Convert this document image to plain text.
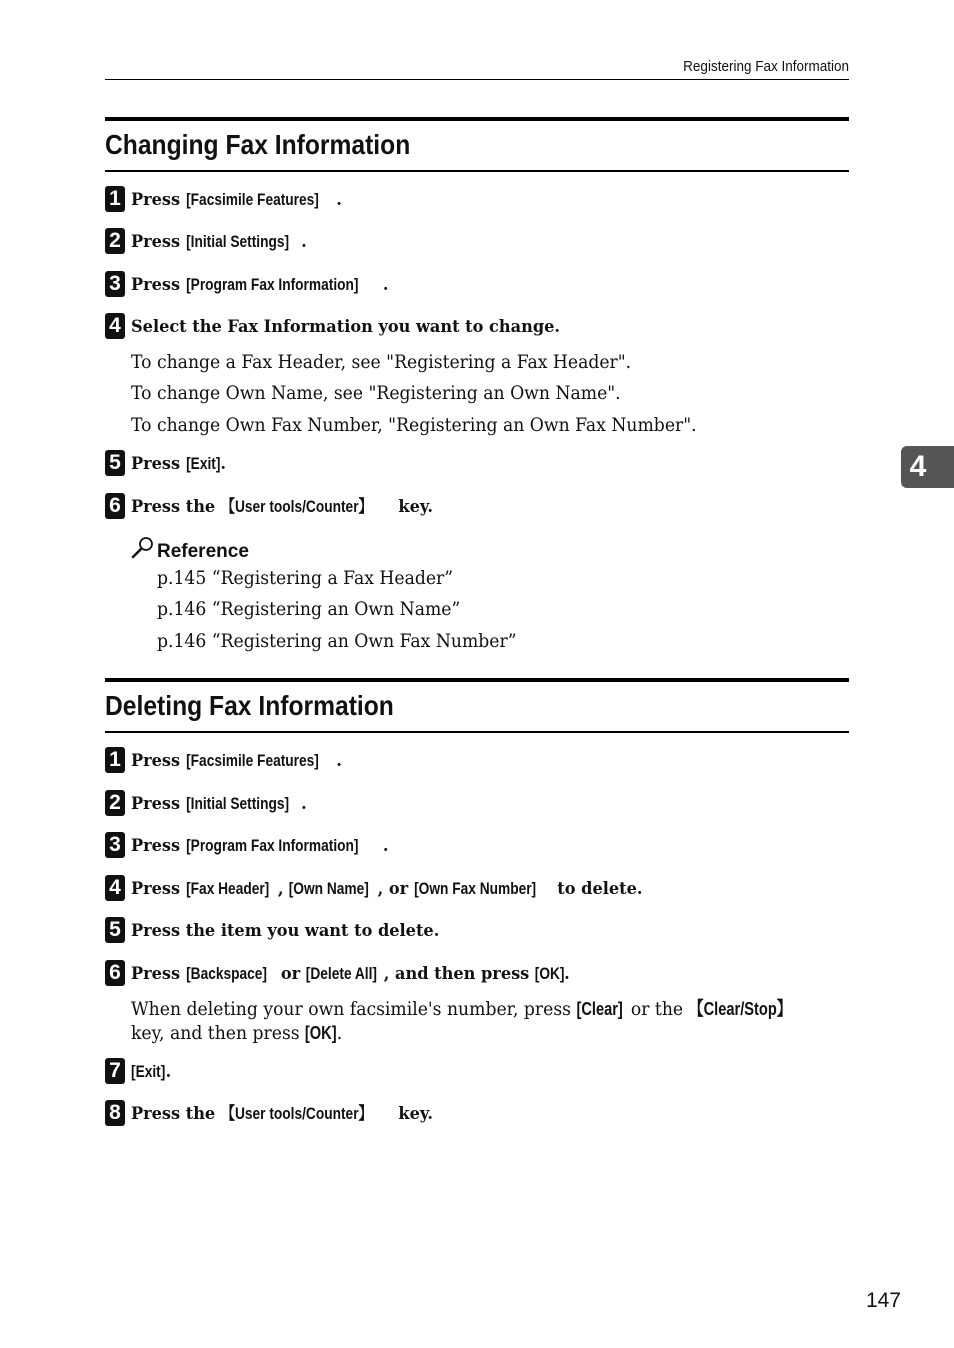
Registering Fax Information
Changing Fax Information
1 Press [Facsimile Features] .
2 Press [Initial Settings] .
3 Press [Program Fax Information] .
4 Select the Fax Information you want to change.
To change a Fax Header, see "Registering a Fax Header".
To change Own Name, see "Registering an Own Name".
To change Own Fax Number, "Registering an Own Fax Number".
5 Press [Exit].
6 Press the 【User tools/Counter】 key.
Reference
p.145 “Registering a Fax Header”
p.146 “Registering an Own Name”
p.146 “Registering an Own Fax Number”
Deleting Fax Information
1 Press [Facsimile Features] .
2 Press [Initial Settings] .
3 Press [Program Fax Information] .
4 Press [Fax Header] , [Own Name] , or [Own Fax Number] to delete.
5 Press the item you want to delete.
6 Press [Backspace] or [Delete All] , and then press [OK].
When deleting your own facsimile's number, press [Clear] or the 【Clear/Stop】
key, and then press [OK].
7 [Exit].
8 Press the 【User tools/Counter】 key.
4
147
